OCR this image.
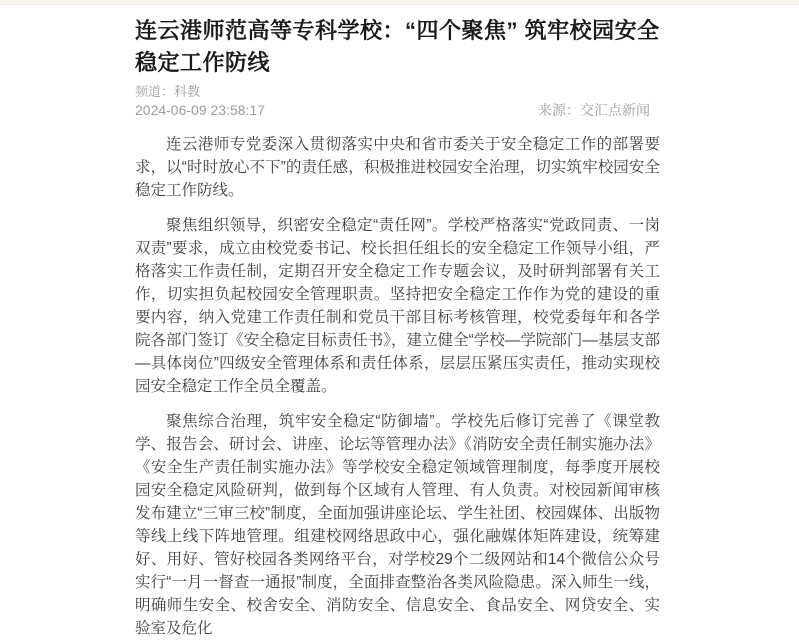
连云港师范高等专科学校：“四个聚焦” 筑牢校园安全稳定工作防线
频道：科教
2024-06-09 23:58:17	来源：交汇点新闻

连云港师专党委深入贯彻落实中央和省市委关于安全稳定工作的部署要求，以“时时放心不下”的责任感，积极推进校园安全治理，切实筑牢校园安全稳定工作防线。

聚焦组织领导，织密安全稳定“责任网”。学校严格落实“党政同责、一岗双责”要求，成立由校党委书记、校长担任组长的安全稳定工作领导小组，严格落实工作责任制，定期召开安全稳定工作专题会议，及时研判部署有关工作，切实担负起校园安全管理职责。坚持把安全稳定工作作为党的建设的重要内容，纳入党建工作责任制和党员干部目标考核管理，校党委每年和各学院各部门签订《安全稳定目标责任书》，建立健全“学校—学院部门—基层支部—具体岗位”四级安全管理体系和责任体系，层层压紧压实责任，推动实现校园安全稳定工作全员全覆盖。

聚焦综合治理，筑牢安全稳定“防御墙”。学校先后修订完善了《课堂教学、报告会、研讨会、讲座、论坛等管理办法》《消防安全责任制实施办法》《安全生产责任制实施办法》等学校安全稳定领域管理制度，每季度开展校园安全稳定风险研判，做到每个区域有人管理、有人负责。对校园新闻审核发布建立“三审三校”制度，全面加强讲座论坛、学生社团、校园媒体、出版物等线上线下阵地管理。组建校网络思政中心，强化融媒体矩阵建设，统筹建好、用好、管好校园各类网络平台，对学校29个二级网站和14个微信公众号实行“一月一督查一通报”制度，全面排查整治各类风险隐患。深入师生一线，明确师生安全、校舍安全、消防安全、信息安全、食品安全、网贷安全、实验室及危化
